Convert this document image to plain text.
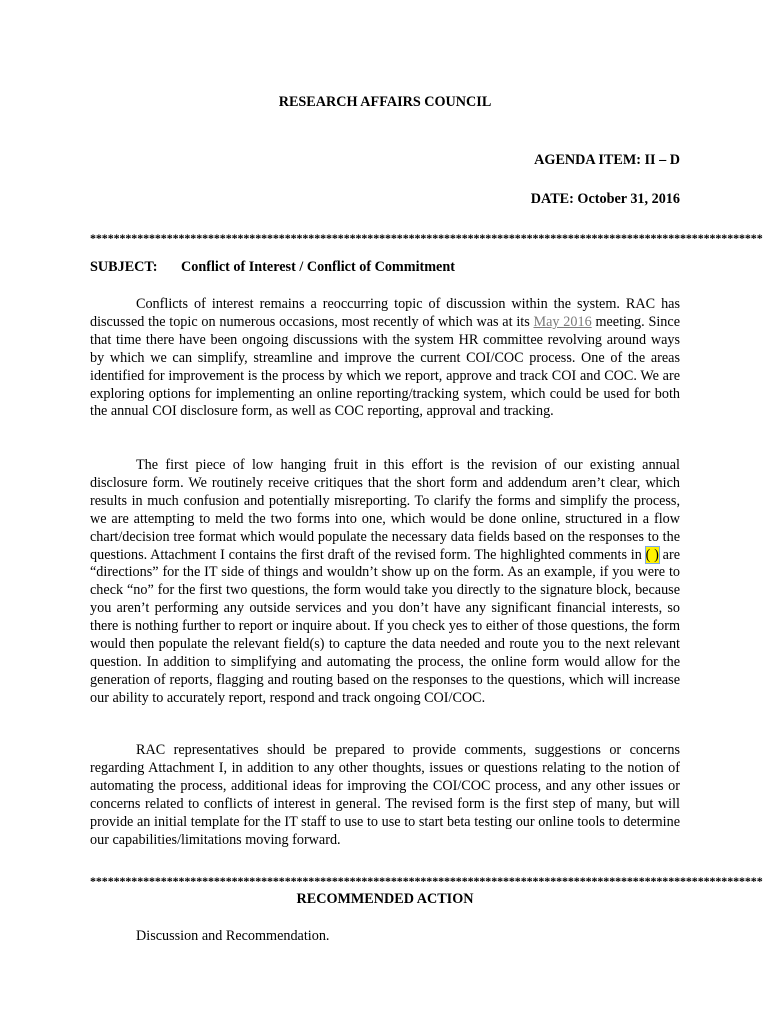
RESEARCH AFFAIRS COUNCIL
AGENDA ITEM: II – D
DATE: October 31, 2016
******************************************************************************************************************
SUBJECT: Conflict of Interest / Conflict of Commitment

Conflicts of interest remains a reoccurring topic of discussion within the system. RAC has discussed the topic on numerous occasions, most recently of which was at its May 2016 meeting. Since that time there have been ongoing discussions with the system HR committee revolving around ways by which we can simplify, streamline and improve the current COI/COC process. One of the areas identified for improvement is the process by which we report, approve and track COI and COC. We are exploring options for implementing an online reporting/tracking system, which could be used for both the annual COI disclosure form, as well as COC reporting, approval and tracking.

The first piece of low hanging fruit in this effort is the revision of our existing annual disclosure form. We routinely receive critiques that the short form and addendum aren’t clear, which results in much confusion and potentially misreporting. To clarify the forms and simplify the process, we are attempting to meld the two forms into one, which would be done online, structured in a flow chart/decision tree format which would populate the necessary data fields based on the responses to the questions. Attachment I contains the first draft of the revised form. The highlighted comments in ( ) are “directions” for the IT side of things and wouldn’t show up on the form. As an example, if you were to check “no” for the first two questions, the form would take you directly to the signature block, because you aren’t performing any outside services and you don’t have any significant financial interests, so there is nothing further to report or inquire about. If you check yes to either of those questions, the form would then populate the relevant field(s) to capture the data needed and route you to the next relevant question. In addition to simplifying and automating the process, the online form would allow for the generation of reports, flagging and routing based on the responses to the questions, which will increase our ability to accurately report, respond and track ongoing COI/COC.

RAC representatives should be prepared to provide comments, suggestions or concerns regarding Attachment I, in addition to any other thoughts, issues or questions relating to the notion of automating the process, additional ideas for improving the COI/COC process, and any other issues or concerns related to conflicts of interest in general. The revised form is the first step of many, but will provide an initial template for the IT staff to use to use to start beta testing our online tools to determine our capabilities/limitations moving forward.

******************************************************************************************************************
RECOMMENDED ACTION
Discussion and Recommendation.
